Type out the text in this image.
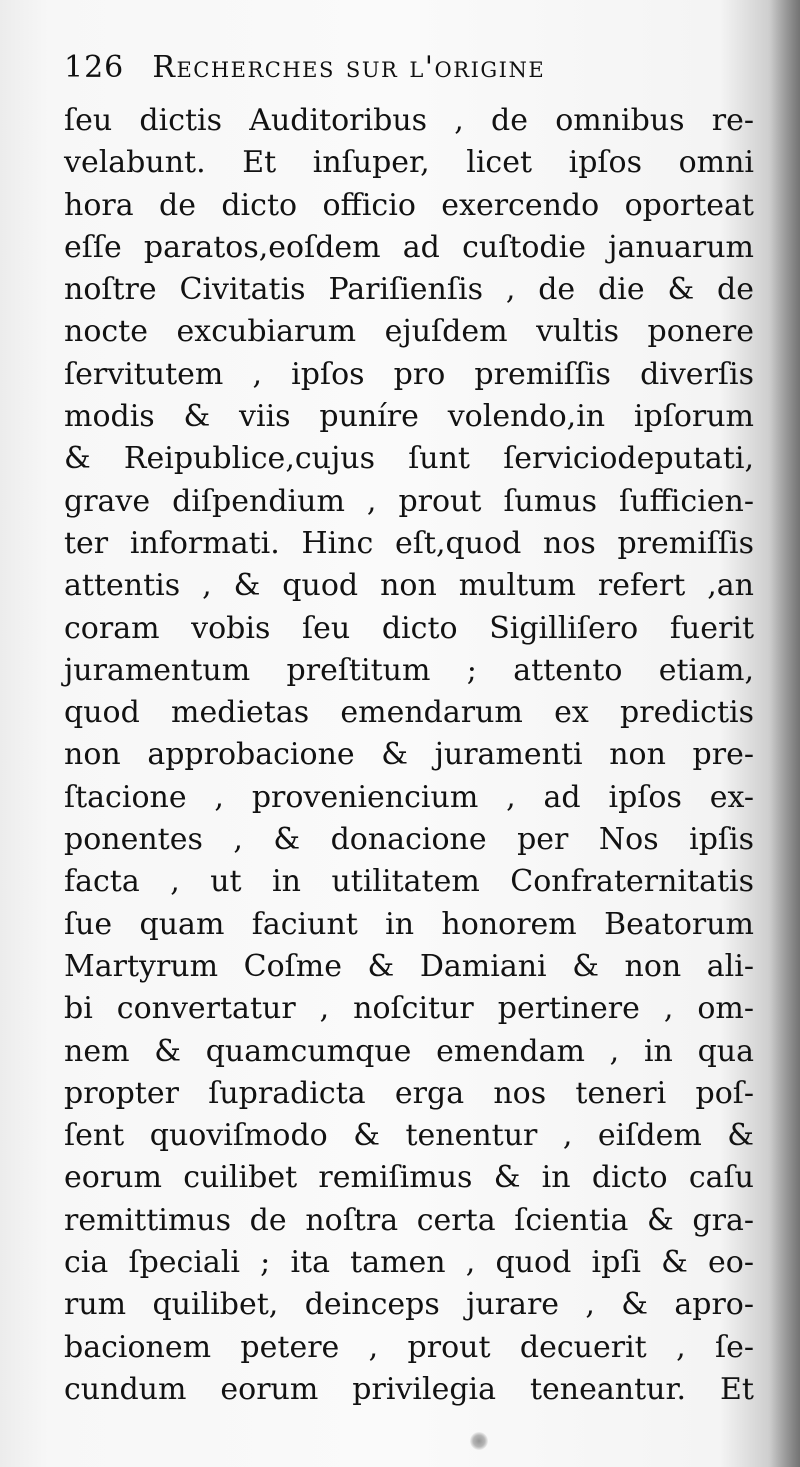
126 Recherches sur l'origine
ſeu dictis Auditoribus , de omnibus re-
velabunt. Et inſuper, licet ipſos omni
hora de dicto officio exercendo oporteat
eſſe paratos,eoſdem ad cuſtodie januarum
noſtre Civitatis Pariſienſis , de die & de
nocte excubiarum ejuſdem vultis ponere
ſervitutem , ipſos pro premiſſis diverſis
modis & viis puníre volendo,in ipſorum
& Reipublice,cujus ſunt ſerviciodeputati,
grave diſpendium , prout ſumus ſufficien-
ter informati. Hinc eſt,quod nos premiſſis
attentis , & quod non multum refert ,an
coram vobis ſeu dicto Sigilliſero fuerit
juramentum preſtitum ; attento etiam,
quod medietas emendarum ex predictis
non approbacione & juramenti non pre-
ſtacione , proveniencium , ad ipſos ex-
ponentes , & donacione per Nos ipſis
facta , ut in utilitatem Confraternitatis
ſue quam faciunt in honorem Beatorum
Martyrum Coſme & Damiani & non ali-
bi convertatur , noſcitur pertinere , om-
nem & quamcumque emendam , in qua
propter ſupradicta erga nos teneri poſ-
ſent quoviſmodo & tenentur , eiſdem &
eorum cuilibet remiſimus & in dicto caſu
remittimus de noſtra certa ſcientia & gra-
cia ſpeciali ; ita tamen , quod ipſi & eo-
rum quilibet, deinceps jurare , & apro-
bacionem petere , prout decuerit , ſe-
cundum eorum privilegia teneantur. Et
